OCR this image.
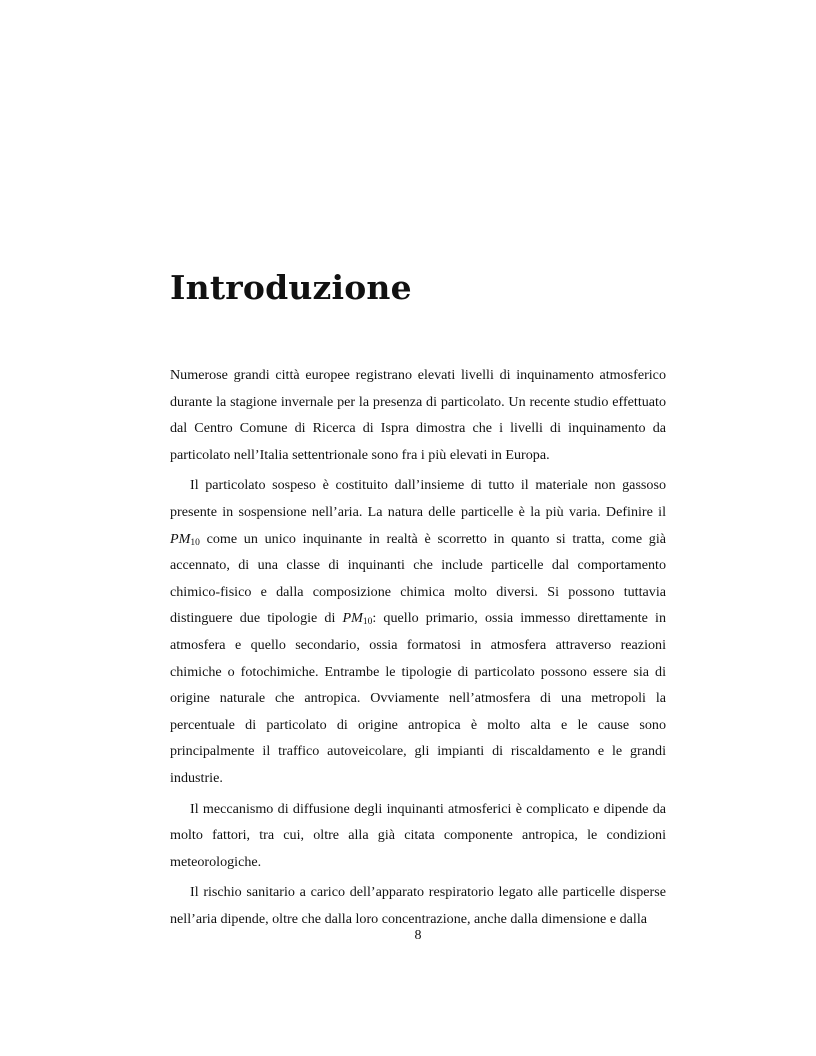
Introduzione

Numerose grandi città europee registrano elevati livelli di inquinamento atmosferico durante la stagione invernale per la presenza di particolato. Un recente studio effettuato dal Centro Comune di Ricerca di Ispra dimostra che i livelli di inquinamento da particolato nell’Italia settentrionale sono fra i più elevati in Europa.

Il particolato sospeso è costituito dall’insieme di tutto il materiale non gassoso presente in sospensione nell’aria. La natura delle particelle è la più varia. Definire il $PM_{10}$ come un unico inquinante in realtà è scorretto in quanto si tratta, come già accennato, di una classe di inquinanti che include particelle dal comportamento chimico-fisico e dalla composizione chimica molto diversi. Si possono tuttavia distinguere due tipologie di $PM_{10}$: quello primario, ossia immesso direttamente in atmosfera e quello secondario, ossia formatosi in atmosfera attraverso reazioni chimiche o fotochimiche. Entrambe le tipologie di particolato possono essere sia di origine naturale che antropica. Ovviamente nell’atmosfera di una metropoli la percentuale di particolato di origine antropica è molto alta e le cause sono principalmente il traffico autoveicolare, gli impianti di riscaldamento e le grandi industrie.

Il meccanismo di diffusione degli inquinanti atmosferici è complicato e dipende da molto fattori, tra cui, oltre alla già citata componente antropica, le condizioni meteorologiche.

Il rischio sanitario a carico dell’apparato respiratorio legato alle particelle disperse nell’aria dipende, oltre che dalla loro concentrazione, anche dalla dimensione e dalla

8
